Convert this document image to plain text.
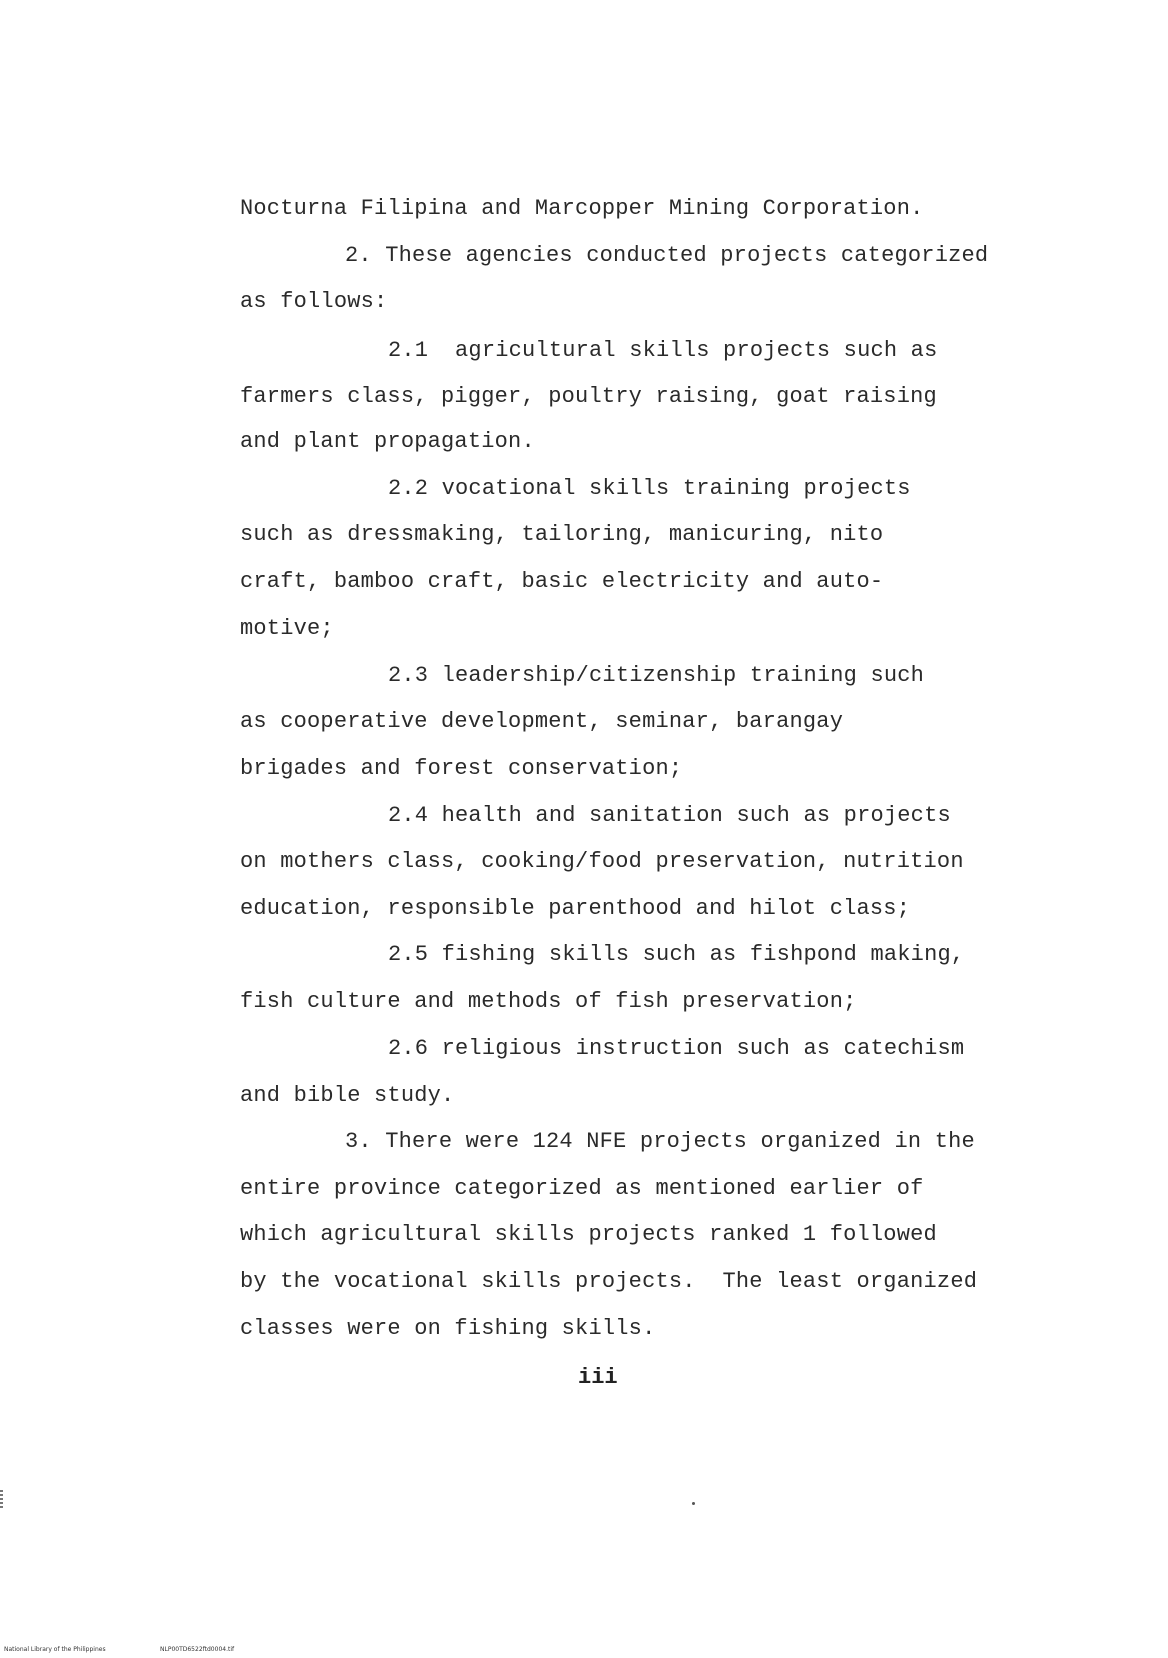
Nocturna Filipina and Marcopper Mining Corporation.
2. These agencies conducted projects categorized
as follows:
2.1  agricultural skills projects such as
farmers class, pigger, poultry raising, goat raising
and plant propagation.
2.2 vocational skills training projects
such as dressmaking, tailoring, manicuring, nito
craft, bamboo craft, basic electricity and auto-
motive;
2.3 leadership/citizenship training such
as cooperative development, seminar, barangay
brigades and forest conservation;
2.4 health and sanitation such as projects
on mothers class, cooking/food preservation, nutrition
education, responsible parenthood and hilot class;
2.5 fishing skills such as fishpond making,
fish culture and methods of fish preservation;
2.6 religious instruction such as catechism
and bible study.
3. There were 124 NFE projects organized in the
entire province categorized as mentioned earlier of
which agricultural skills projects ranked 1 followed
by the vocational skills projects.  The least organized
classes were on fishing skills.
iii
National Library of the Philippines	NLP00TD6522ftd0004.tif
